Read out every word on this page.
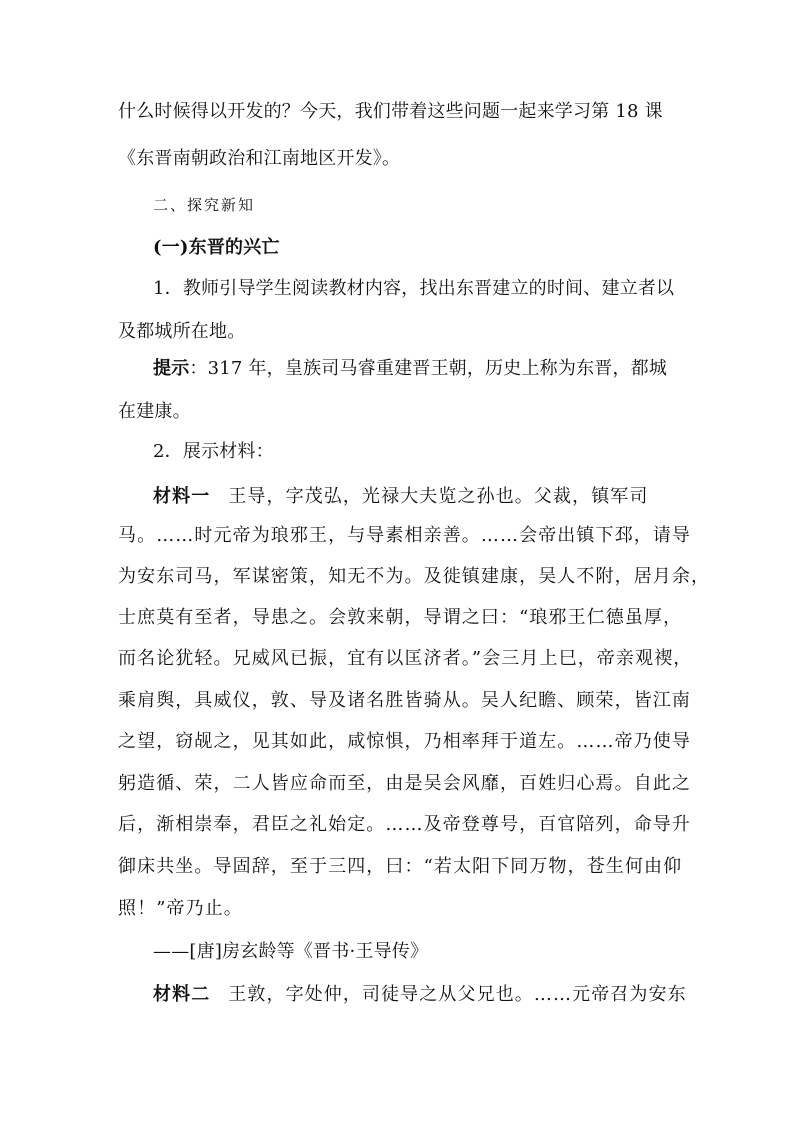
什么时候得以开发的？今天，我们带着这些问题一起来学习第 18 课
《东晋南朝政治和江南地区开发》。
二、探究新知
(一)东晋的兴亡
1．教师引导学生阅读教材内容，找出东晋建立的时间、建立者以
及都城所在地。
提示：317 年，皇族司马睿重建晋王朝，历史上称为东晋，都城
在建康。
2．展示材料：
材料一 王导，字茂弘，光禄大夫览之孙也。父裁，镇军司
马。……时元帝为琅邪王，与导素相亲善。……会帝出镇下邳，请导
为安东司马，军谋密策，知无不为。及徙镇建康，吴人不附，居月余，
士庶莫有至者，导患之。会敦来朝，导谓之曰：“琅邪王仁德虽厚，
而名论犹轻。兄威风已振，宜有以匡济者。”会三月上巳，帝亲观禊，
乘肩舆，具威仪，敦、导及诸名胜皆骑从。吴人纪瞻、顾荣，皆江南
之望，窃觇之，见其如此，咸惊惧，乃相率拜于道左。……帝乃使导
躬造循、荣，二人皆应命而至，由是吴会风靡，百姓归心焉。自此之
后，渐相崇奉，君臣之礼始定。……及帝登尊号，百官陪列，命导升
御床共坐。导固辞，至于三四，曰：“若太阳下同万物，苍生何由仰
照！”帝乃止。
——[唐]房玄龄等《晋书·王导传》
材料二 王敦，字处仲，司徒导之从父兄也。……元帝召为安东
